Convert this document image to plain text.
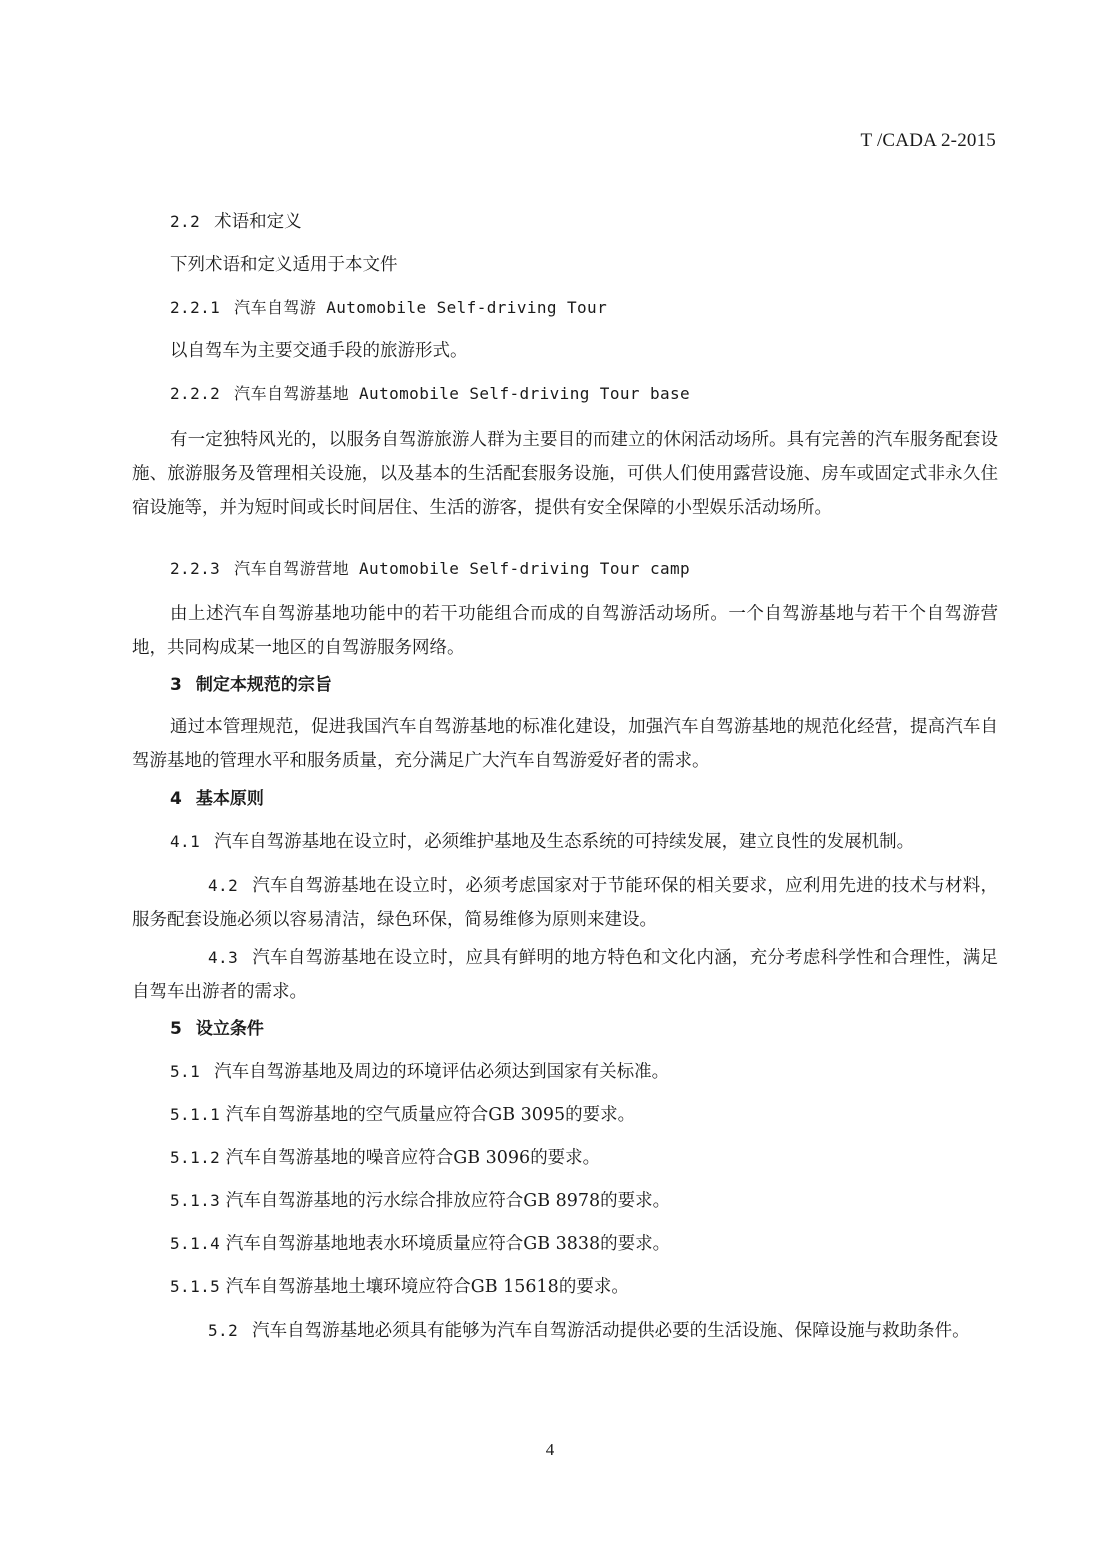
T /CADA 2-2015
2.2 术语和定义
下列术语和定义适用于本文件
2.2.1 汽车自驾游 Automobile Self-driving Tour
以自驾车为主要交通手段的旅游形式。
2.2.2 汽车自驾游基地 Automobile Self-driving Tour base
有一定独特风光的，以服务自驾游旅游人群为主要目的而建立的休闲活动场所。具有完善的汽车服务配套设施、旅游服务及管理相关设施，以及基本的生活配套服务设施，可供人们使用露营设施、房车或固定式非永久住宿设施等，并为短时间或长时间居住、生活的游客，提供有安全保障的小型娱乐活动场所。
2.2.3 汽车自驾游营地 Automobile Self-driving Tour camp
由上述汽车自驾游基地功能中的若干功能组合而成的自驾游活动场所。一个自驾游基地与若干个自驾游营地，共同构成某一地区的自驾游服务网络。
3 制定本规范的宗旨
通过本管理规范，促进我国汽车自驾游基地的标准化建设，加强汽车自驾游基地的规范化经营，提高汽车自驾游基地的管理水平和服务质量，充分满足广大汽车自驾游爱好者的需求。
4 基本原则
4.1 汽车自驾游基地在设立时，必须维护基地及生态系统的可持续发展，建立良性的发展机制。
4.2 汽车自驾游基地在设立时，必须考虑国家对于节能环保的相关要求，应利用先进的技术与材料，服务配套设施必须以容易清洁，绿色环保，简易维修为原则来建设。
4.3 汽车自驾游基地在设立时，应具有鲜明的地方特色和文化内涵，充分考虑科学性和合理性，满足自驾车出游者的需求。
5 设立条件
5.1 汽车自驾游基地及周边的环境评估必须达到国家有关标准。
5.1.1 汽车自驾游基地的空气质量应符合GB 3095的要求。
5.1.2 汽车自驾游基地的噪音应符合GB 3096的要求。
5.1.3 汽车自驾游基地的污水综合排放应符合GB 8978的要求。
5.1.4 汽车自驾游基地地表水环境质量应符合GB 3838的要求。
5.1.5 汽车自驾游基地土壤环境应符合GB 15618的要求。
5.2 汽车自驾游基地必须具有能够为汽车自驾游活动提供必要的生活设施、保障设施与救助条件。
4
